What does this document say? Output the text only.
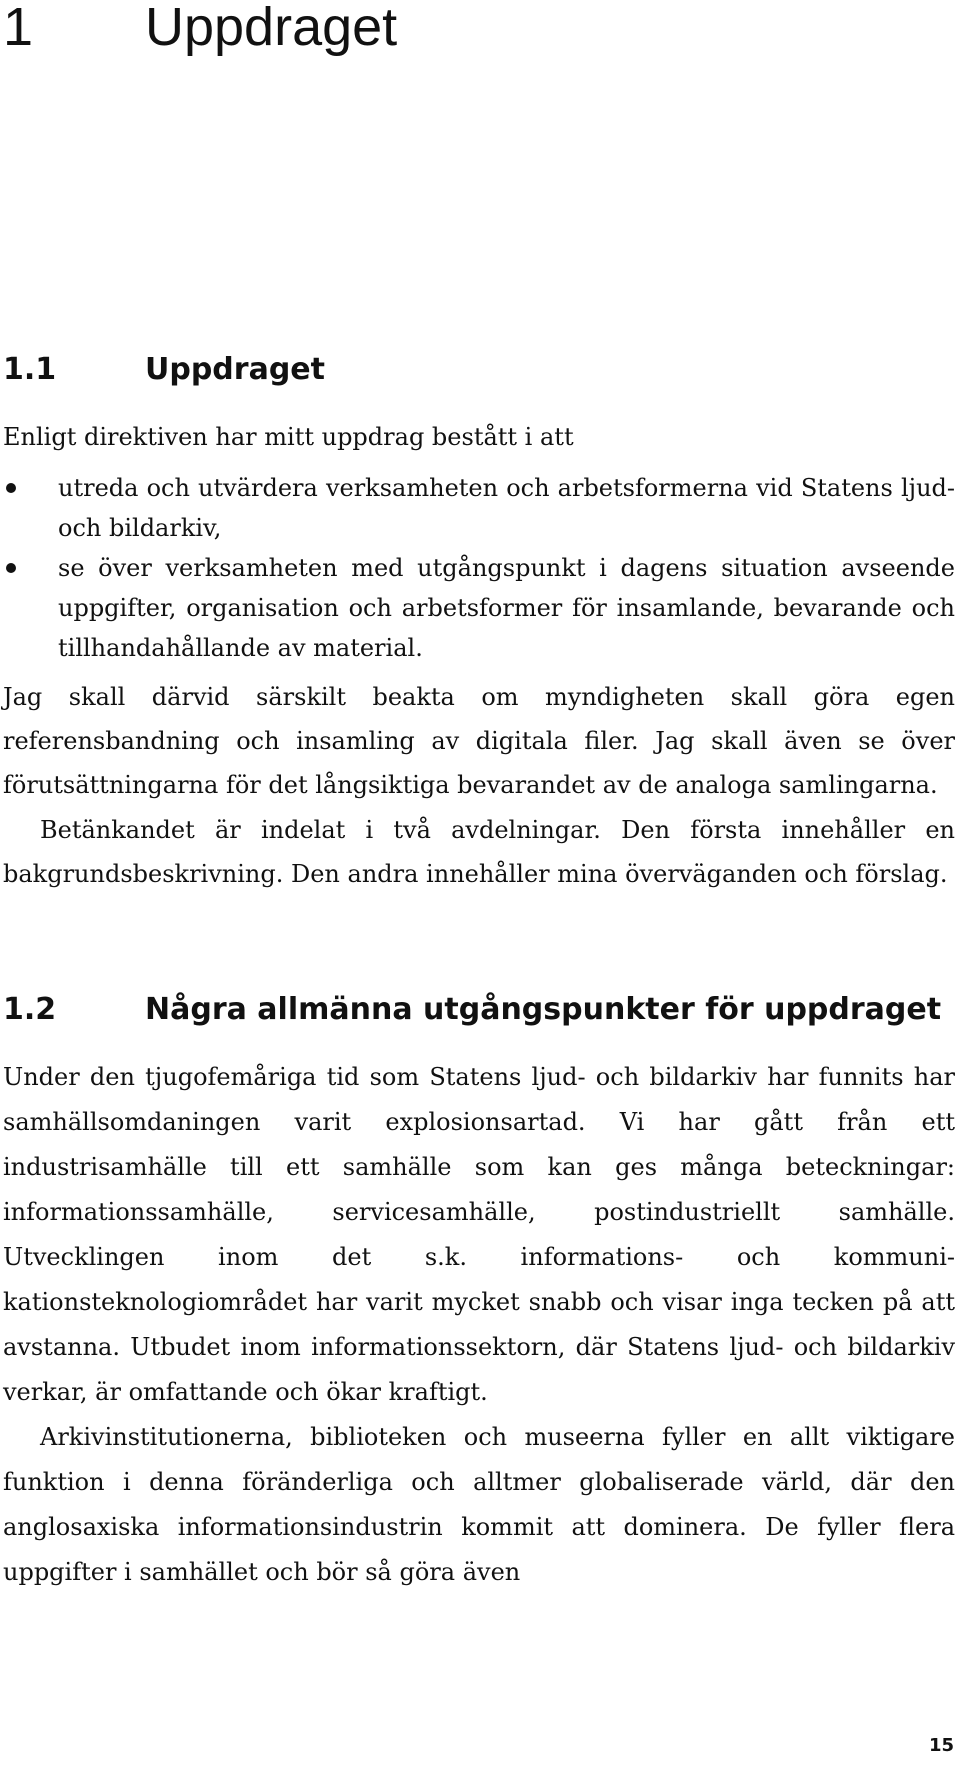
1 Uppdraget
1.1	Uppdraget

Enligt direktiven har mitt uppdrag bestått i att

utreda och utvärdera verksamheten och arbetsformerna vid Statens ljud- och bildarkiv,
se över verksamheten med utgångspunkt i dagens situation avseende uppgifter, organisation och arbetsformer för insamlande, bevarande och tillhandahållande av material.

Jag skall därvid särskilt beakta om myndigheten skall göra egen referensbandning och insamling av digitala filer. Jag skall även se över förutsättningarna för det långsiktiga bevarandet av de analoga samlingarna.

Betänkandet är indelat i två avdelningar. Den första innehåller en bakgrundsbeskrivning. Den andra innehåller mina överväganden och förslag.

1.2	Några allmänna utgångspunkter för uppdraget

Under den tjugofemåriga tid som Statens ljud- och bildarkiv har funnits har samhällsomdaningen varit explosionsartad. Vi har gått från ett industrisamhälle till ett samhälle som kan ges många beteckningar: informationssamhälle, servicesamhälle, postindustriellt samhälle. Utvecklingen inom det s.k. informations- och kommunikationsteknologiområdet har varit mycket snabb och visar inga tecken på att avstanna. Utbudet inom informationssektorn, där Statens ljud- och bildarkiv verkar, är omfattande och ökar kraftigt.

Arkivinstitutionerna, biblioteken och museerna fyller en allt viktigare funktion i denna föränderliga och alltmer globaliserade värld, där den anglosaxiska informationsindustrin kommit att dominera. De fyller flera uppgifter i samhället och bör så göra även

15
